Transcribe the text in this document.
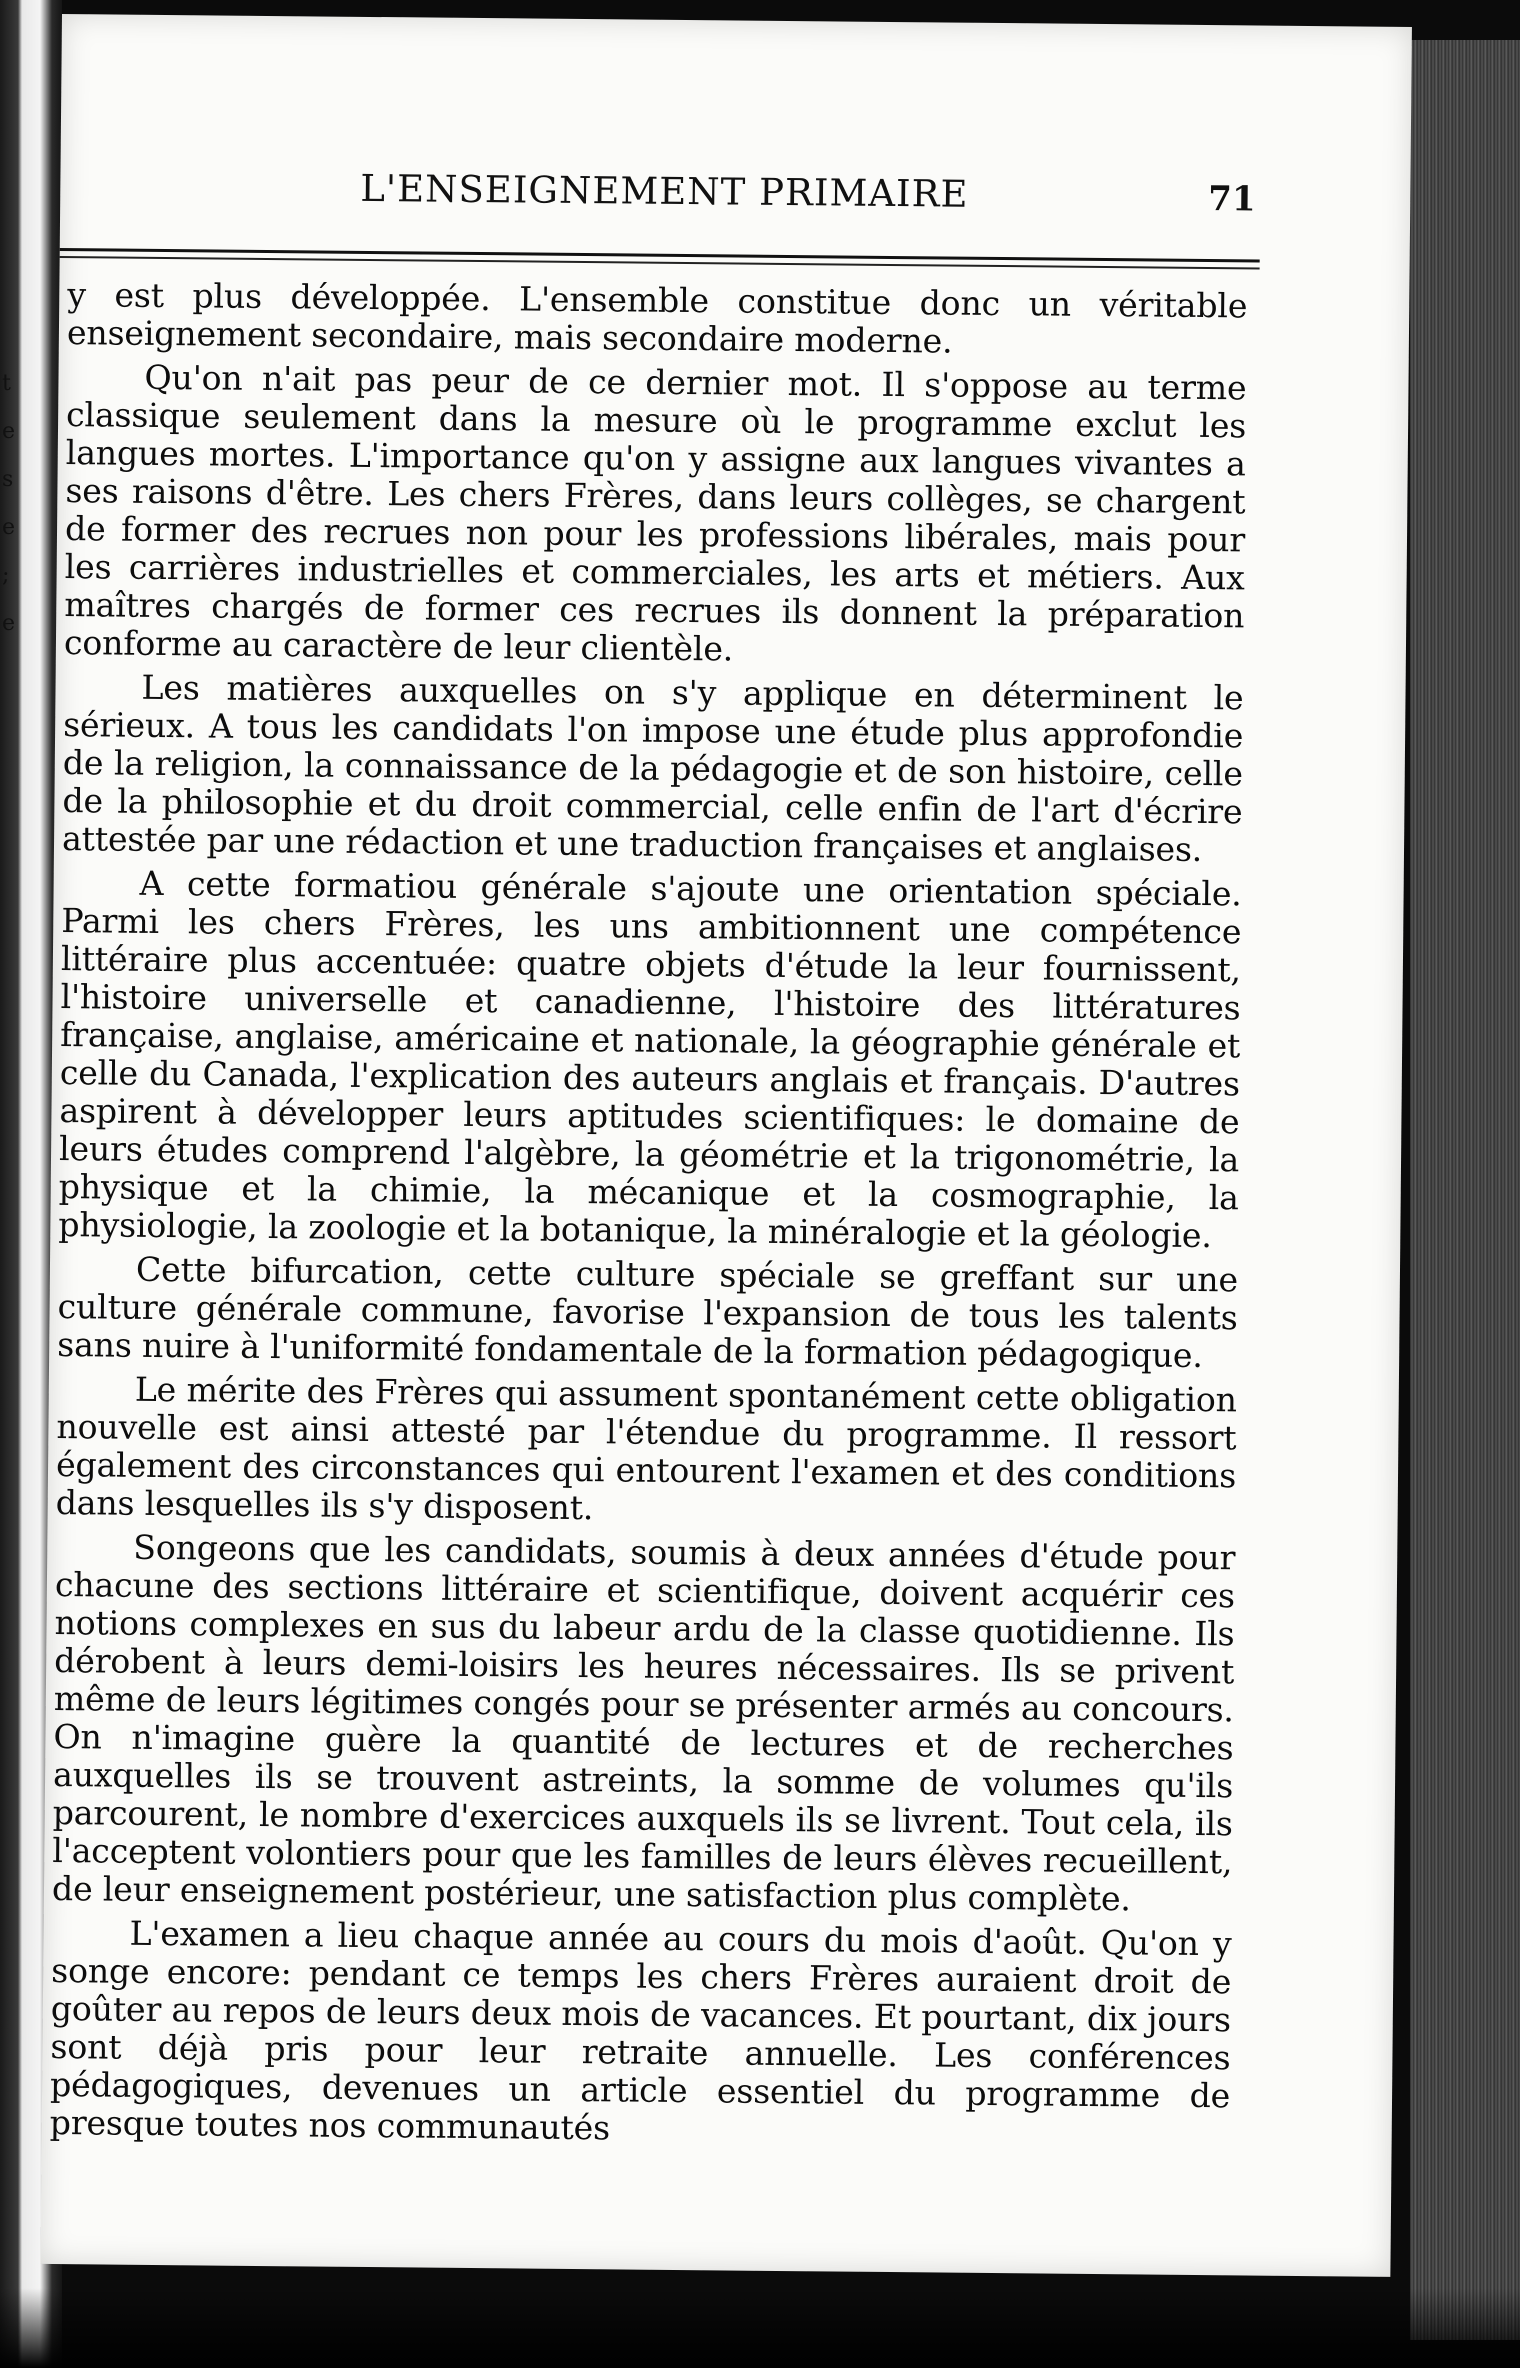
t
e
s
e
;
e
L'ENSEIGNEMENT PRIMAIRE	71

y est plus développée. L'ensemble constitue donc un véritable enseignement secondaire, mais secondaire moderne.

Qu'on n'ait pas peur de ce dernier mot. Il s'oppose au terme classique seulement dans la mesure où le programme exclut les langues mortes. L'importance qu'on y assigne aux langues vivantes a ses raisons d'être. Les chers Frères, dans leurs collèges, se chargent de former des recrues non pour les professions libérales, mais pour les carrières industrielles et commerciales, les arts et métiers. Aux maîtres chargés de former ces recrues ils donnent la préparation conforme au caractère de leur clientèle.

Les matières auxquelles on s'y applique en déterminent le sérieux. A tous les candidats l'on impose une étude plus approfondie de la religion, la connaissance de la pédagogie et de son histoire, celle de la philosophie et du droit commercial, celle enfin de l'art d'écrire attestée par une rédaction et une traduction françaises et anglaises.

A cette formatiou générale s'ajoute une orientation spéciale. Parmi les chers Frères, les uns ambitionnent une compétence littéraire plus accentuée: quatre objets d'étude la leur fournissent, l'histoire universelle et canadienne, l'histoire des littératures française, anglaise, américaine et nationale, la géographie générale et celle du Canada, l'explication des auteurs anglais et français. D'autres aspirent à développer leurs aptitudes scientifiques: le domaine de leurs études comprend l'algèbre, la géométrie et la trigonométrie, la physique et la chimie, la mécanique et la cosmographie, la physiologie, la zoologie et la botanique, la minéralogie et la géologie.

Cette bifurcation, cette culture spéciale se greffant sur une culture générale commune, favorise l'expansion de tous les talents sans nuire à l'uniformité fondamentale de la formation pédagogique.

Le mérite des Frères qui assument spontanément cette obligation nouvelle est ainsi attesté par l'étendue du programme. Il ressort également des circonstances qui entourent l'examen et des conditions dans lesquelles ils s'y disposent.

Songeons que les candidats, soumis à deux années d'étude pour chacune des sections littéraire et scientifique, doivent acquérir ces notions complexes en sus du labeur ardu de la classe quotidienne. Ils dérobent à leurs demi-loisirs les heures nécessaires. Ils se privent même de leurs légitimes congés pour se présenter armés au concours. On n'imagine guère la quantité de lectures et de recherches auxquelles ils se trouvent astreints, la somme de volumes qu'ils parcourent, le nombre d'exercices auxquels ils se livrent. Tout cela, ils l'acceptent volontiers pour que les familles de leurs élèves recueillent, de leur enseignement postérieur, une satisfaction plus complète.

L'examen a lieu chaque année au cours du mois d'août. Qu'on y songe encore: pendant ce temps les chers Frères auraient droit de goûter au repos de leurs deux mois de vacances. Et pourtant, dix jours sont déjà pris pour leur retraite annuelle. Les conférences pédagogiques, devenues un article essentiel du programme de presque toutes nos communautés
